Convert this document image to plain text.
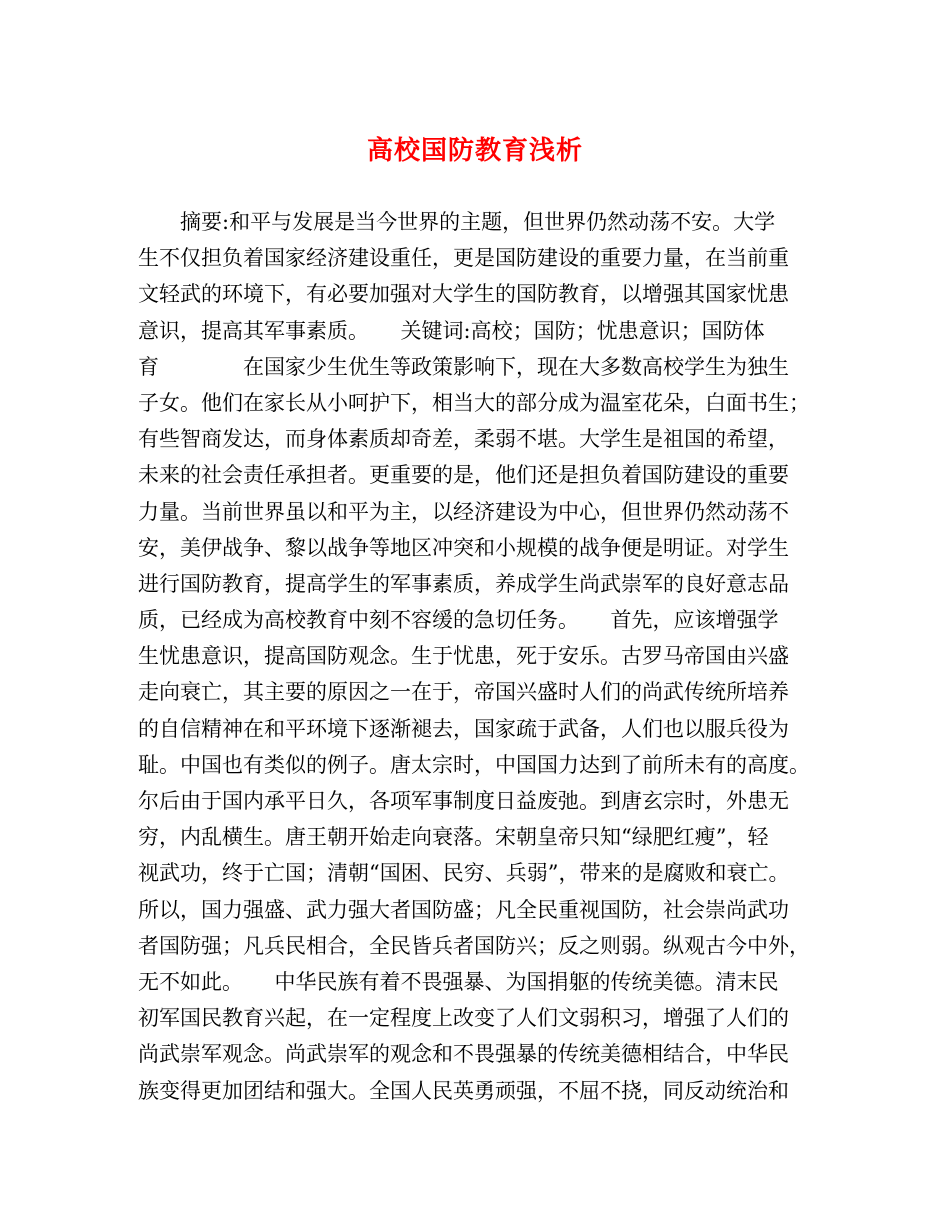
高校国防教育浅析
　　摘要:和平与发展是当今世界的主题，但世界仍然动荡不安。大学
生不仅担负着国家经济建设重任，更是国防建设的重要力量，在当前重
文轻武的环境下，有必要加强对大学生的国防教育，以增强其国家忧患
意识，提高其军事素质。　　关键词:高校；国防；忧患意识；国防体
育　　　　在国家少生优生等政策影响下，现在大多数高校学生为独生
子女。他们在家长从小呵护下，相当大的部分成为温室花朵，白面书生；
有些智商发达，而身体素质却奇差，柔弱不堪。大学生是祖国的希望，
未来的社会责任承担者。更重要的是，他们还是担负着国防建设的重要
力量。当前世界虽以和平为主，以经济建设为中心，但世界仍然动荡不
安，美伊战争、黎以战争等地区冲突和小规模的战争便是明证。对学生
进行国防教育，提高学生的军事素质，养成学生尚武崇军的良好意志品
质，已经成为高校教育中刻不容缓的急切任务。　　首先，应该增强学
生忧患意识，提高国防观念。生于忧患，死于安乐。古罗马帝国由兴盛
走向衰亡，其主要的原因之一在于，帝国兴盛时人们的尚武传统所培养
的自信精神在和平环境下逐渐褪去，国家疏于武备，人们也以服兵役为
耻。中国也有类似的例子。唐太宗时，中国国力达到了前所未有的高度。
尔后由于国内承平日久，各项军事制度日益废弛。到唐玄宗时，外患无
穷，内乱横生。唐王朝开始走向衰落。宋朝皇帝只知“绿肥红瘦”，轻
视武功，终于亡国；清朝“国困、民穷、兵弱”，带来的是腐败和衰亡。
所以，国力强盛、武力强大者国防盛；凡全民重视国防，社会崇尚武功
者国防强；凡兵民相合，全民皆兵者国防兴；反之则弱。纵观古今中外，
无不如此。　　中华民族有着不畏强暴、为国捐躯的传统美德。清末民
初军国民教育兴起，在一定程度上改变了人们文弱积习，增强了人们的
尚武崇军观念。尚武崇军的观念和不畏强暴的传统美德相结合，中华民
族变得更加团结和强大。全国人民英勇顽强，不屈不挠，同反动统治和
